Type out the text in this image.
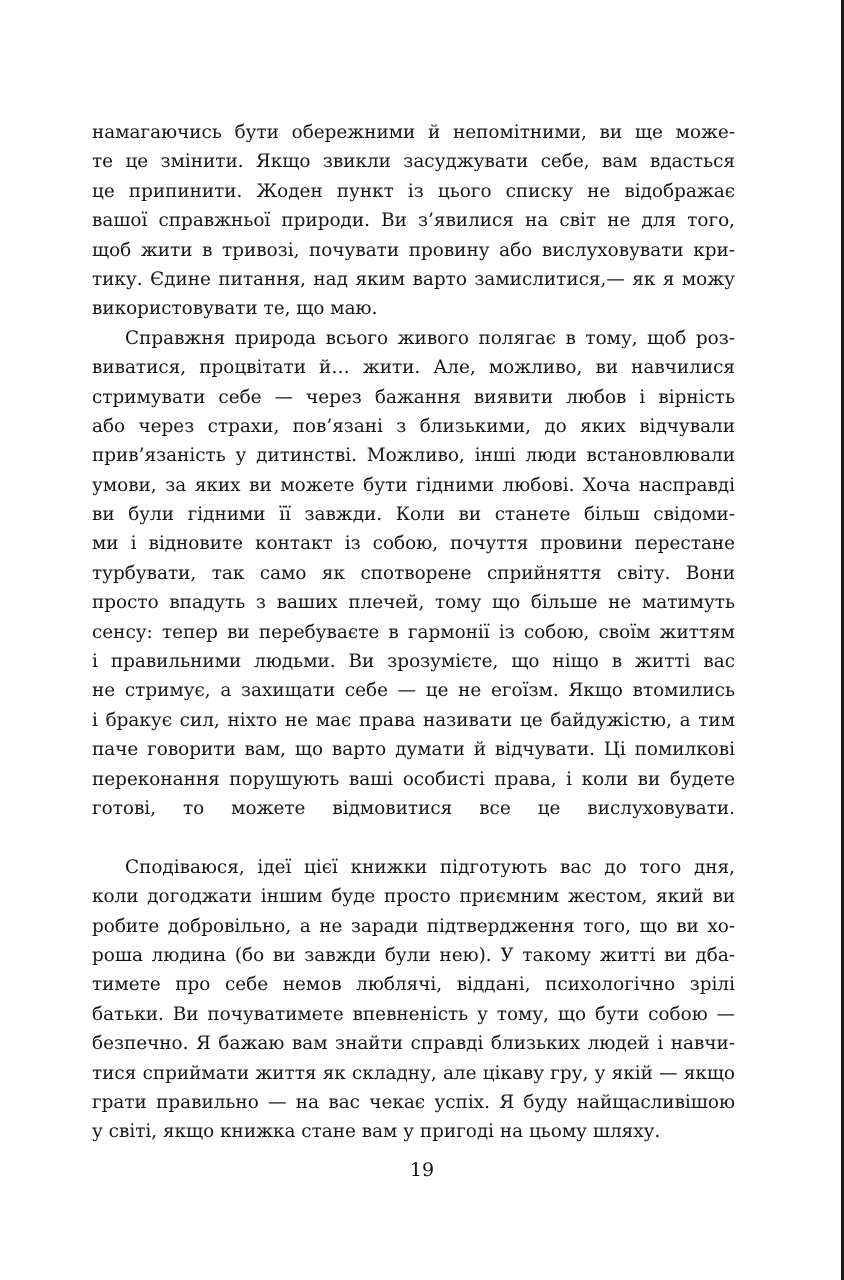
намагаючись бути обережними й непомітними, ви ще може-
те це змінити. Якщо звикли засуджувати себе, вам вдасться
це припинити. Жоден пункт із цього списку не відображає
вашої справжньої природи. Ви з’явилися на світ не для того,
щоб жити в тривозі, почувати провину або вислуховувати кри-
тику. Єдине питання, над яким варто замислитися,— як я можу
використовувати те, що маю.
Справжня природа всього живого полягає в тому, щоб роз-
виватися, процвітати й… жити. Але, можливо, ви навчилися
стримувати себе — через бажання виявити любов і вірність
або через страхи, пов’язані з близькими, до яких відчували
прив’язаність у дитинстві. Можливо, інші люди встановлювали
умови, за яких ви можете бути гідними любові. Хоча насправді
ви були гідними її завжди. Коли ви станете більш свідоми-
ми і відновите контакт із собою, почуття провини перестане
турбувати, так само як спотворене сприйняття світу. Вони
просто впадуть з ваших плечей, тому що більше не матимуть
сенсу: тепер ви перебуваєте в гармонії із собою, своїм життям
і правильними людьми. Ви зрозумієте, що ніщо в житті вас
не стримує, а захищати себе — це не егоїзм. Якщо втомились
і бракує сил, ніхто не має права називати це байдужістю, а тим
паче говорити вам, що варто думати й відчувати. Ці помилкові
переконання порушують ваші особисті права, і коли ви будете
готові, то можете відмовитися все це вислуховувати.
Сподіваюся, ідеї цієї книжки підготують вас до того дня,
коли догоджати іншим буде просто приємним жестом, який ви
робите добровільно, а не заради підтвердження того, що ви хо-
роша людина (бо ви завжди були нею). У такому житті ви дба-
тимете про себе немов люблячі, віддані, психологічно зрілі
батьки. Ви почуватимете впевненість у тому, що бути собою —
безпечно. Я бажаю вам знайти справді близьких людей і навчи-
тися сприймати життя як складну, але цікаву гру, у якій — якщо
грати правильно — на вас чекає успіх. Я буду найщасливішою
у світі, якщо книжка стане вам у пригоді на цьому шляху.
19
